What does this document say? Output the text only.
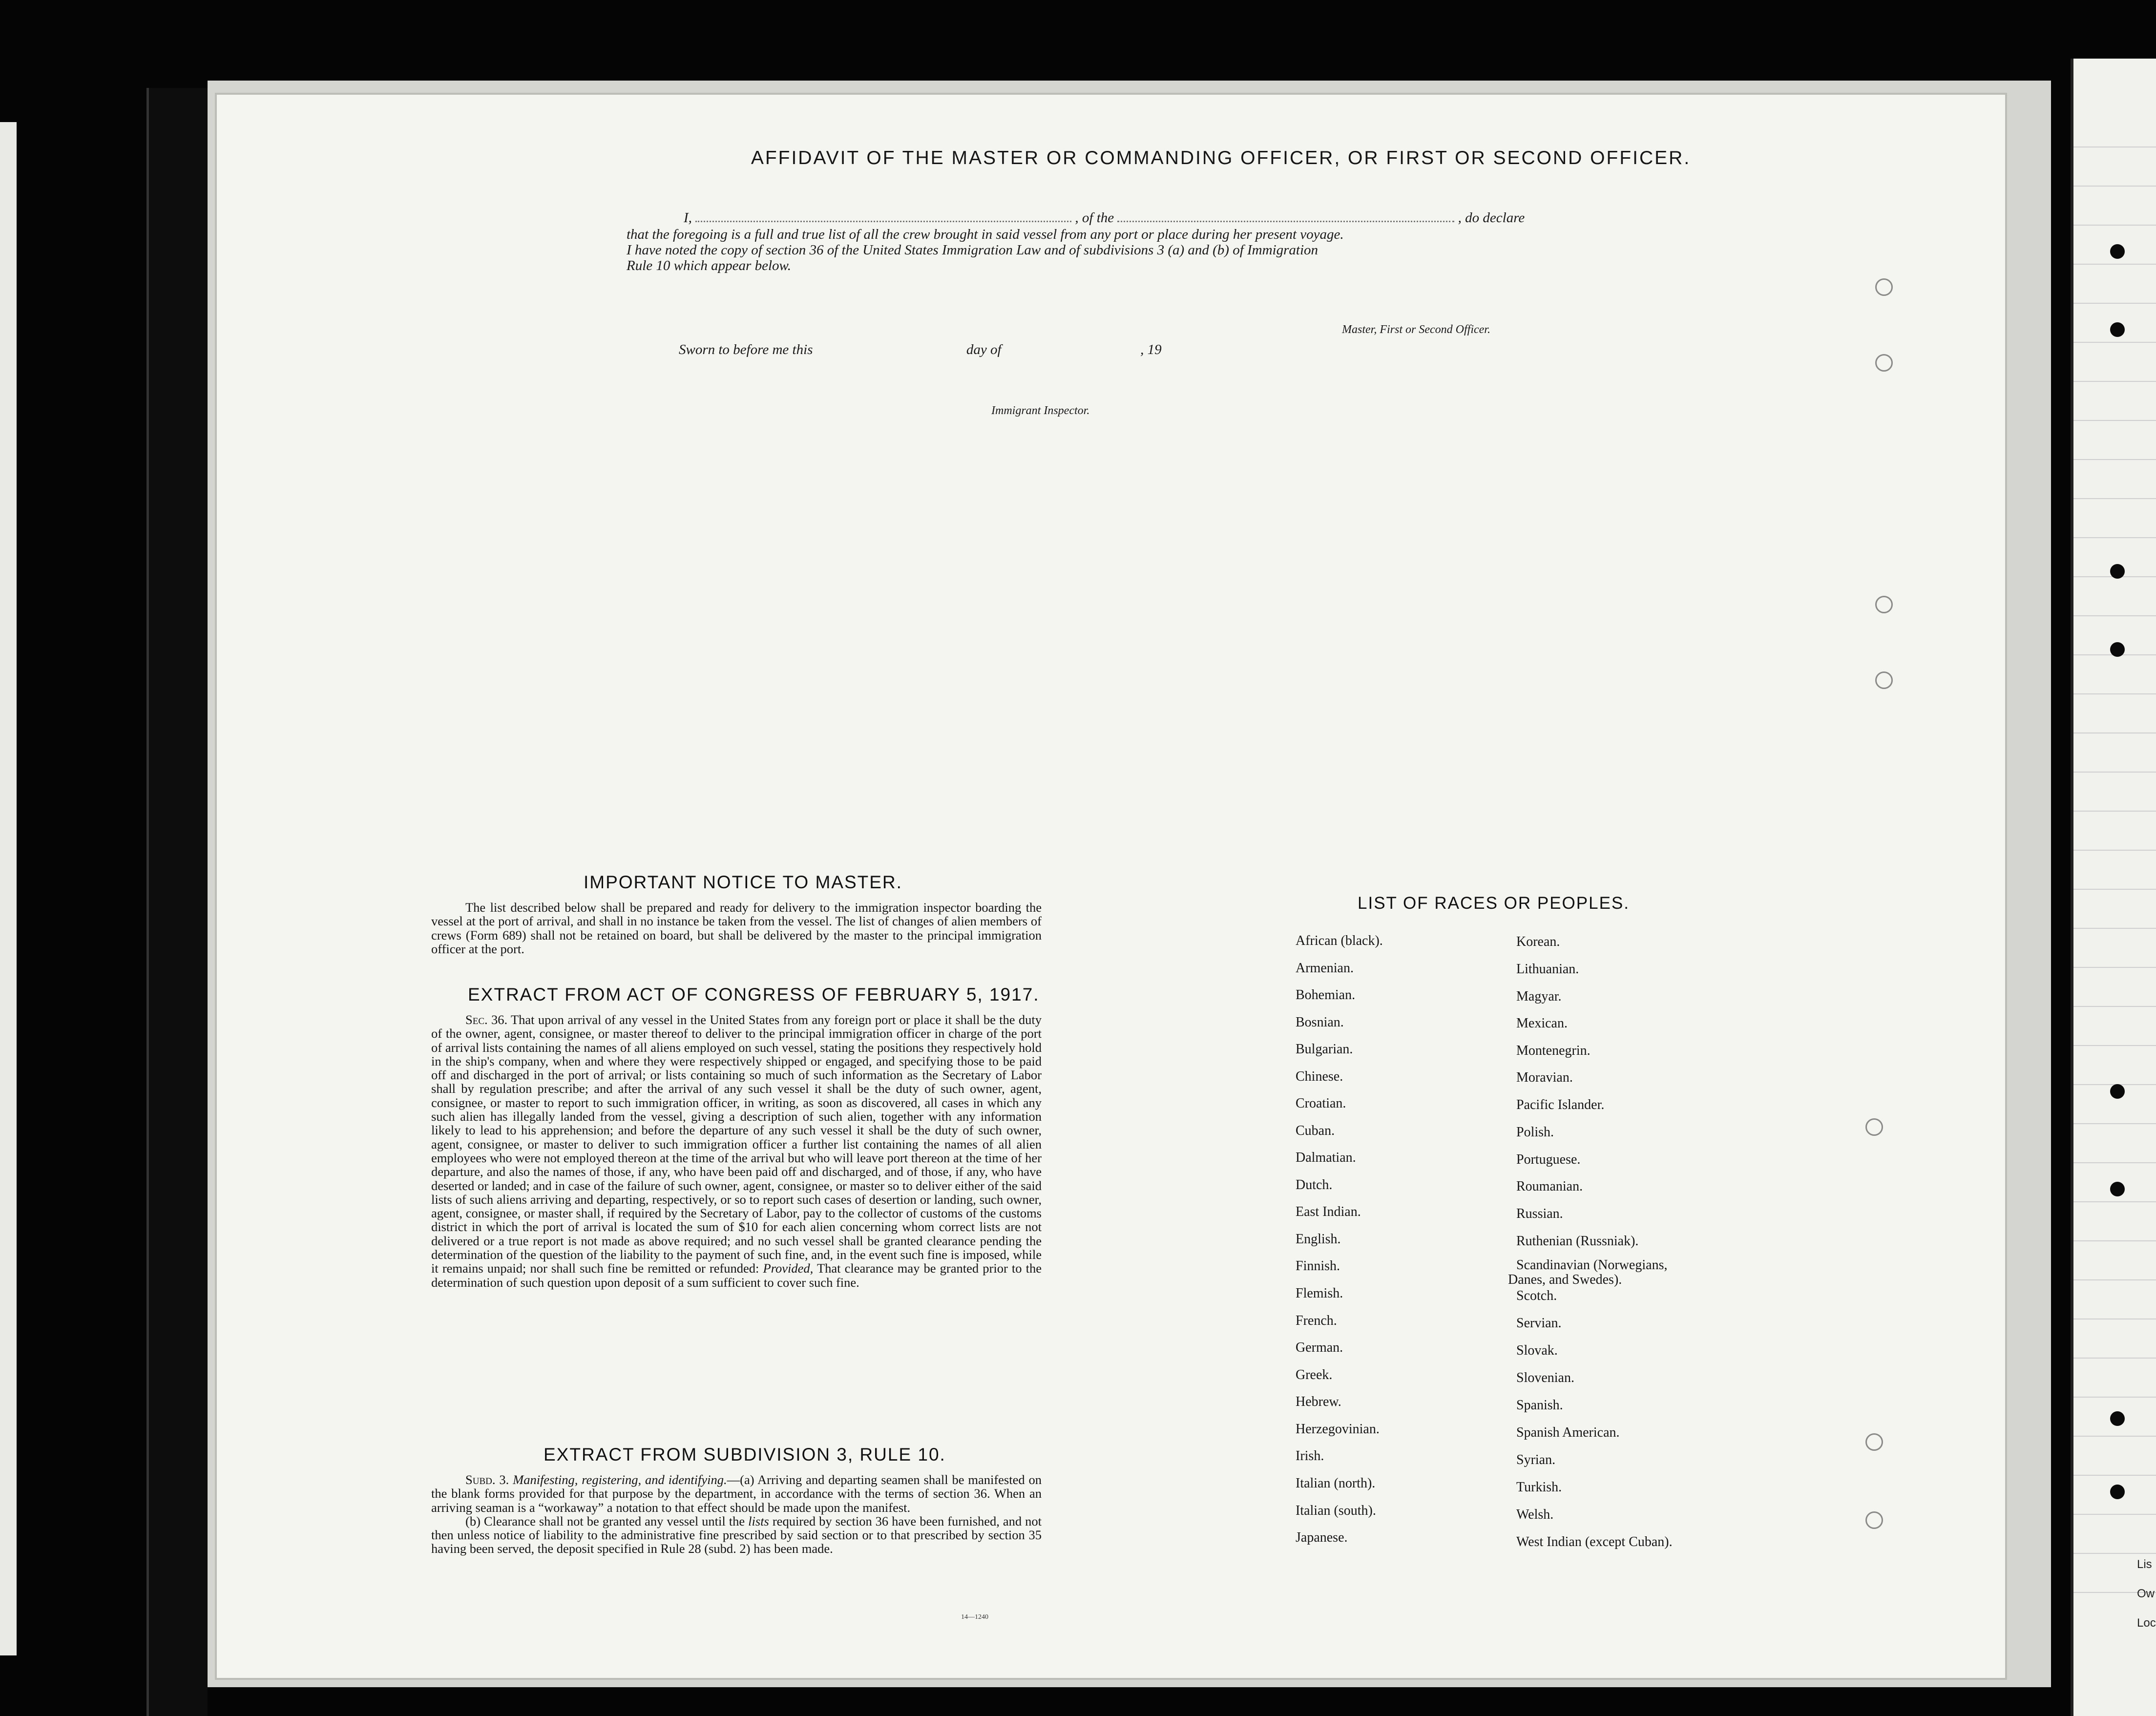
Lis
Ow
Loc
AFFIDAVIT OF THE MASTER OR COMMANDING OFFICER, OR FIRST OR SECOND OFFICER.
I,	, of the	, do declare
that the foregoing is a full and true list of all the crew brought in said vessel from any port or place during her present voyage.
I have noted the copy of section 36 of the United States Immigration Law and of subdivisions 3 (a) and (b) of Immigration
Rule 10 which appear below.
Master, First or Second Officer.
Sworn to before me this	day of	, 19
Immigrant Inspector.
IMPORTANT NOTICE TO MASTER.
The list described below shall be prepared and ready for delivery to the immigration inspector boarding the vessel at the port of arrival, and shall in no instance be taken from the vessel. The list of changes of alien members of crews (Form 689) shall not be retained on board, but shall be delivered by the master to the principal immigration officer at the port.
EXTRACT FROM ACT OF CONGRESS OF FEBRUARY 5, 1917.
Sec. 36. That upon arrival of any vessel in the United States from any foreign port or place it shall be the duty of the owner, agent, consignee, or master thereof to deliver to the principal immigration officer in charge of the port of arrival lists containing the names of all aliens employed on such vessel, stating the positions they respectively hold in the ship's company, when and where they were respectively shipped or engaged, and specifying those to be paid off and discharged in the port of arrival; or lists containing so much of such information as the Secretary of Labor shall by regulation prescribe; and after the arrival of any such vessel it shall be the duty of such owner, agent, consignee, or master to report to such immigration officer, in writing, as soon as discovered, all cases in which any such alien has illegally landed from the vessel, giving a description of such alien, together with any information likely to lead to his apprehension; and before the departure of any such vessel it shall be the duty of such owner, agent, consignee, or master to deliver to such immigration officer a further list containing the names of all alien employees who were not employed thereon at the time of the arrival but who will leave port thereon at the time of her departure, and also the names of those, if any, who have been paid off and discharged, and of those, if any, who have deserted or landed; and in case of the failure of such owner, agent, consignee, or master so to deliver either of the said lists of such aliens arriving and departing, respectively, or so to report such cases of desertion or landing, such owner, agent, consignee, or master shall, if required by the Secretary of Labor, pay to the collector of customs of the customs district in which the port of arrival is located the sum of $10 for each alien concerning whom correct lists are not delivered or a true report is not made as above required; and no such vessel shall be granted clearance pending the determination of the question of the liability to the payment of such fine, and, in the event such fine is imposed, while it remains unpaid; nor shall such fine be remitted or refunded: Provided, That clearance may be granted prior to the determination of such question upon deposit of a sum sufficient to cover such fine.
EXTRACT FROM SUBDIVISION 3, RULE 10.
Subd. 3. Manifesting, registering, and identifying.—(a) Arriving and departing seamen shall be manifested on the blank forms provided for that purpose by the department, in accordance with the terms of section 36. When an arriving seaman is a “workaway” a notation to that effect should be made upon the manifest.
(b) Clearance shall not be granted any vessel until the lists required by section 36 have been furnished, and not then unless notice of liability to the administrative fine prescribed by said section or to that prescribed by section 35 having been served, the deposit specified in Rule 28 (subd. 2) has been made.
14—1240
LIST OF RACES OR PEOPLES.
African (black).
Armenian.
Bohemian.
Bosnian.
Bulgarian.
Chinese.
Croatian.
Cuban.
Dalmatian.
Dutch.
East Indian.
English.
Finnish.
Flemish.
French.
German.
Greek.
Hebrew.
Herzegovinian.
Irish.
Italian (north).
Italian (south).
Japanese.
Korean.
Lithuanian.
Magyar.
Mexican.
Montenegrin.
Moravian.
Pacific Islander.
Polish.
Portuguese.
Roumanian.
Russian.
Ruthenian (Russniak).
Scandinavian (Norwegians,
Danes, and Swedes).
Scotch.
Servian.
Slovak.
Slovenian.
Spanish.
Spanish American.
Syrian.
Turkish.
Welsh.
West Indian (except Cuban).
